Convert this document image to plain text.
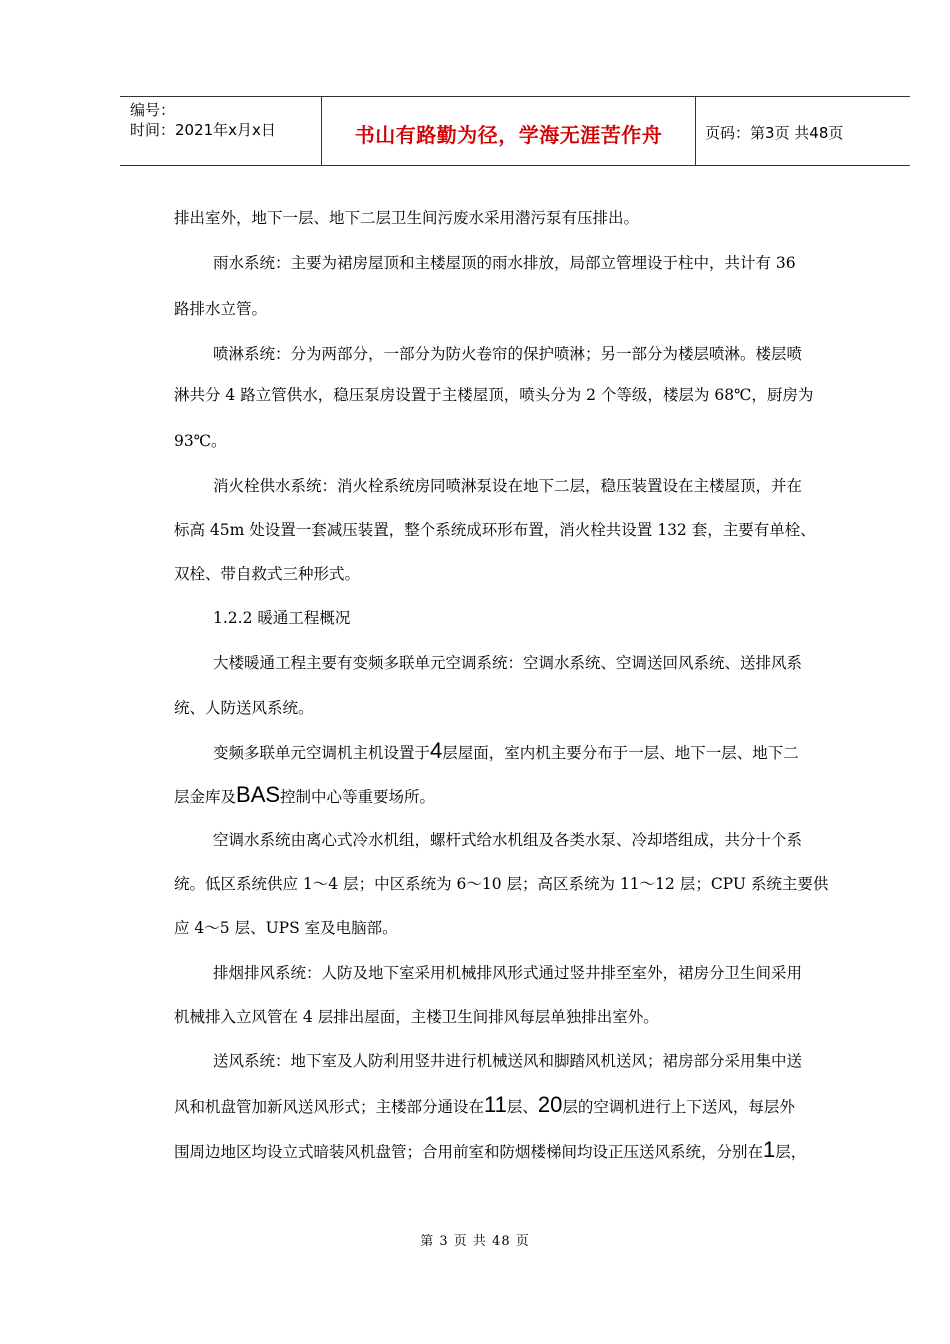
编号：
时间：2021年x月x日	书山有路勤为径，学海无涯苦作舟	页码：第3页 共48页
排出室外，地下一层、地下二层卫生间污废水采用潜污泵有压排出。
雨水系统：主要为裙房屋顶和主楼屋顶的雨水排放，局部立管埋设于柱中，共计有 36
路排水立管。
喷淋系统：分为两部分，一部分为防火卷帘的保护喷淋；另一部分为楼层喷淋。楼层喷
淋共分 4 路立管供水，稳压泵房设置于主楼屋顶，喷头分为 2 个等级，楼层为 68℃，厨房为
93℃。
消火栓供水系统：消火栓系统房同喷淋泵设在地下二层，稳压装置设在主楼屋顶，并在
标高 45m 处设置一套减压装置，整个系统成环形布置，消火栓共设置 132 套，主要有单栓、
双栓、带自救式三种形式。
1.2.2 暖通工程概况
大楼暖通工程主要有变频多联单元空调系统：空调水系统、空调送回风系统、送排风系
统、人防送风系统。
变频多联单元空调机主机设置于4层屋面，室内机主要分布于一层、地下一层、地下二
层金库及BAS控制中心等重要场所。
空调水系统由离心式冷水机组，螺杆式给水机组及各类水泵、冷却塔组成，共分十个系
统。低区系统供应 1～4 层；中区系统为 6～10 层；高区系统为 11～12 层；CPU 系统主要供
应 4～5 层、UPS 室及电脑部。
排烟排风系统：人防及地下室采用机械排风形式通过竖井排至室外，裙房分卫生间采用
机械排入立风管在 4 层排出屋面，主楼卫生间排风每层单独排出室外。
送风系统：地下室及人防利用竖井进行机械送风和脚踏风机送风；裙房部分采用集中送
风和机盘管加新风送风形式；主楼部分通设在11层、20层的空调机进行上下送风，每层外
围周边地区均设立式暗装风机盘管；合用前室和防烟楼梯间均设正压送风系统，分别在1层，
第 3 页 共 48 页
